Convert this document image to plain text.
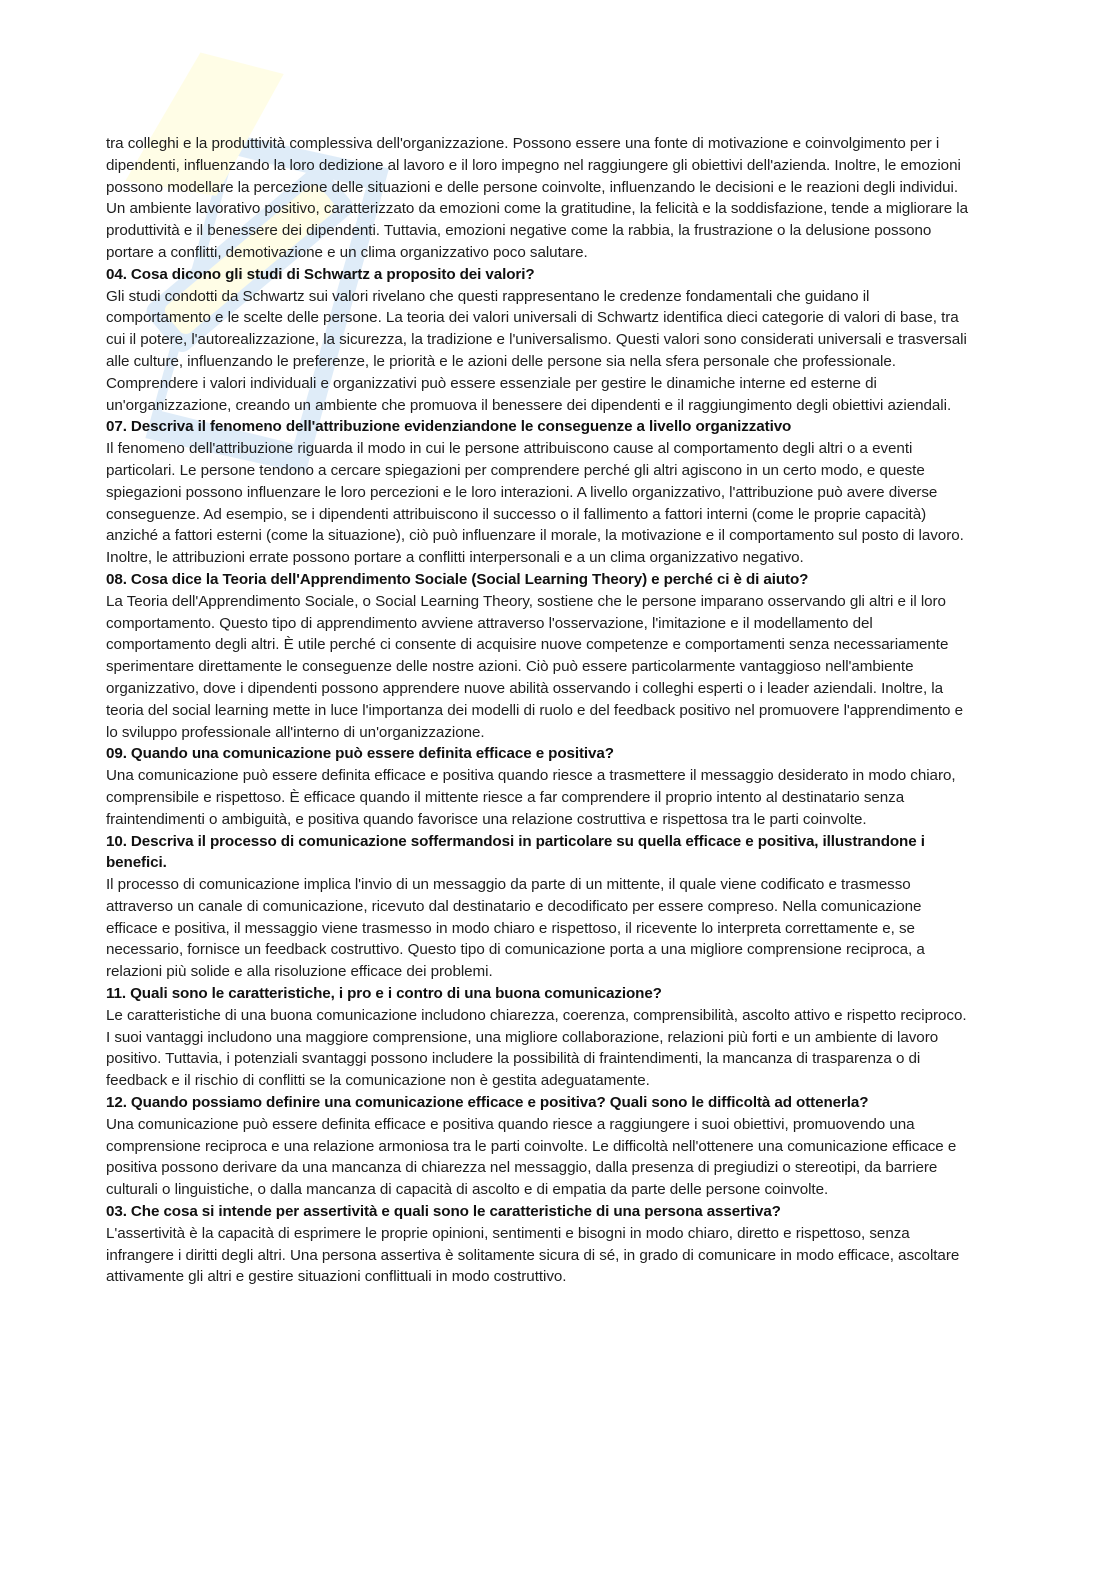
tra colleghi e la produttività complessiva dell'organizzazione. Possono essere una fonte di motivazione e coinvolgimento per i dipendenti, influenzando la loro dedizione al lavoro e il loro impegno nel raggiungere gli obiettivi dell'azienda. Inoltre, le emozioni possono modellare la percezione delle situazioni e delle persone coinvolte, influenzando le decisioni e le reazioni degli individui. Un ambiente lavorativo positivo, caratterizzato da emozioni come la gratitudine, la felicità e la soddisfazione, tende a migliorare la produttività e il benessere dei dipendenti. Tuttavia, emozioni negative come la rabbia, la frustrazione o la delusione possono portare a conflitti, demotivazione e un clima organizzativo poco salutare.

04. Cosa dicono gli studi di Schwartz a proposito dei valori?

Gli studi condotti da Schwartz sui valori rivelano che questi rappresentano le credenze fondamentali che guidano il comportamento e le scelte delle persone. La teoria dei valori universali di Schwartz identifica dieci categorie di valori di base, tra cui il potere, l'autorealizzazione, la sicurezza, la tradizione e l'universalismo. Questi valori sono considerati universali e trasversali alle culture, influenzando le preferenze, le priorità e le azioni delle persone sia nella sfera personale che professionale. Comprendere i valori individuali e organizzativi può essere essenziale per gestire le dinamiche interne ed esterne di un'organizzazione, creando un ambiente che promuova il benessere dei dipendenti e il raggiungimento degli obiettivi aziendali.

07. Descriva il fenomeno dell'attribuzione evidenziandone le conseguenze a livello organizzativo

Il fenomeno dell'attribuzione riguarda il modo in cui le persone attribuiscono cause al comportamento degli altri o a eventi particolari. Le persone tendono a cercare spiegazioni per comprendere perché gli altri agiscono in un certo modo, e queste spiegazioni possono influenzare le loro percezioni e le loro interazioni. A livello organizzativo, l'attribuzione può avere diverse conseguenze. Ad esempio, se i dipendenti attribuiscono il successo o il fallimento a fattori interni (come le proprie capacità) anziché a fattori esterni (come la situazione), ciò può influenzare il morale, la motivazione e il comportamento sul posto di lavoro. Inoltre, le attribuzioni errate possono portare a conflitti interpersonali e a un clima organizzativo negativo.

08. Cosa dice la Teoria dell'Apprendimento Sociale (Social Learning Theory) e perché ci è di aiuto?

La Teoria dell'Apprendimento Sociale, o Social Learning Theory, sostiene che le persone imparano osservando gli altri e il loro comportamento. Questo tipo di apprendimento avviene attraverso l'osservazione, l'imitazione e il modellamento del comportamento degli altri. È utile perché ci consente di acquisire nuove competenze e comportamenti senza necessariamente sperimentare direttamente le conseguenze delle nostre azioni. Ciò può essere particolarmente vantaggioso nell'ambiente organizzativo, dove i dipendenti possono apprendere nuove abilità osservando i colleghi esperti o i leader aziendali. Inoltre, la teoria del social learning mette in luce l'importanza dei modelli di ruolo e del feedback positivo nel promuovere l'apprendimento e lo sviluppo professionale all'interno di un'organizzazione.

09. Quando una comunicazione può essere definita efficace e positiva?

Una comunicazione può essere definita efficace e positiva quando riesce a trasmettere il messaggio desiderato in modo chiaro, comprensibile e rispettoso. È efficace quando il mittente riesce a far comprendere il proprio intento al destinatario senza fraintendimenti o ambiguità, e positiva quando favorisce una relazione costruttiva e rispettosa tra le parti coinvolte.

10. Descriva il processo di comunicazione soffermandosi in particolare su quella efficace e positiva, illustrandone i benefici.

Il processo di comunicazione implica l'invio di un messaggio da parte di un mittente, il quale viene codificato e trasmesso attraverso un canale di comunicazione, ricevuto dal destinatario e decodificato per essere compreso. Nella comunicazione efficace e positiva, il messaggio viene trasmesso in modo chiaro e rispettoso, il ricevente lo interpreta correttamente e, se necessario, fornisce un feedback costruttivo. Questo tipo di comunicazione porta a una migliore comprensione reciproca, a relazioni più solide e alla risoluzione efficace dei problemi.

11. Quali sono le caratteristiche, i pro e i contro di una buona comunicazione?

Le caratteristiche di una buona comunicazione includono chiarezza, coerenza, comprensibilità, ascolto attivo e rispetto reciproco. I suoi vantaggi includono una maggiore comprensione, una migliore collaborazione, relazioni più forti e un ambiente di lavoro positivo. Tuttavia, i potenziali svantaggi possono includere la possibilità di fraintendimenti, la mancanza di trasparenza o di feedback e il rischio di conflitti se la comunicazione non è gestita adeguatamente.

12. Quando possiamo definire una comunicazione efficace e positiva? Quali sono le difficoltà ad ottenerla?

Una comunicazione può essere definita efficace e positiva quando riesce a raggiungere i suoi obiettivi, promuovendo una comprensione reciproca e una relazione armoniosa tra le parti coinvolte. Le difficoltà nell'ottenere una comunicazione efficace e positiva possono derivare da una mancanza di chiarezza nel messaggio, dalla presenza di pregiudizi o stereotipi, da barriere culturali o linguistiche, o dalla mancanza di capacità di ascolto e di empatia da parte delle persone coinvolte.

03. Che cosa si intende per assertività e quali sono le caratteristiche di una persona assertiva?

L'assertività è la capacità di esprimere le proprie opinioni, sentimenti e bisogni in modo chiaro, diretto e rispettoso, senza infrangere i diritti degli altri. Una persona assertiva è solitamente sicura di sé, in grado di comunicare in modo efficace, ascoltare attivamente gli altri e gestire situazioni conflittuali in modo costruttivo.
